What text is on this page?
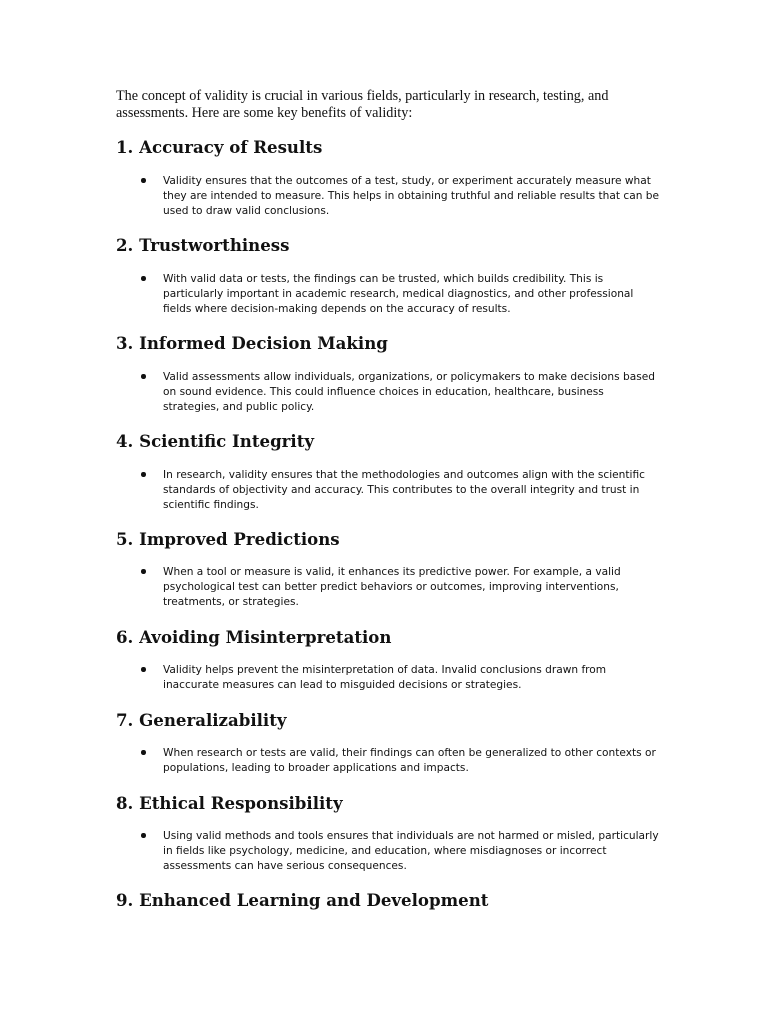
The concept of validity is crucial in various fields, particularly in research, testing, and assessments. Here are some key benefits of validity:

1. Accuracy of Results

Validity ensures that the outcomes of a test, study, or experiment accurately measure what they are intended to measure. This helps in obtaining truthful and reliable results that can be used to draw valid conclusions.

2. Trustworthiness

With valid data or tests, the findings can be trusted, which builds credibility. This is particularly important in academic research, medical diagnostics, and other professional fields where decision-making depends on the accuracy of results.

3. Informed Decision Making

Valid assessments allow individuals, organizations, or policymakers to make decisions based on sound evidence. This could influence choices in education, healthcare, business strategies, and public policy.

4. Scientific Integrity

In research, validity ensures that the methodologies and outcomes align with the scientific standards of objectivity and accuracy. This contributes to the overall integrity and trust in scientific findings.

5. Improved Predictions

When a tool or measure is valid, it enhances its predictive power. For example, a valid psychological test can better predict behaviors or outcomes, improving interventions, treatments, or strategies.

6. Avoiding Misinterpretation

Validity helps prevent the misinterpretation of data. Invalid conclusions drawn from inaccurate measures can lead to misguided decisions or strategies.

7. Generalizability

When research or tests are valid, their findings can often be generalized to other contexts or populations, leading to broader applications and impacts.

8. Ethical Responsibility

Using valid methods and tools ensures that individuals are not harmed or misled, particularly in fields like psychology, medicine, and education, where misdiagnoses or incorrect assessments can have serious consequences.

9. Enhanced Learning and Development
